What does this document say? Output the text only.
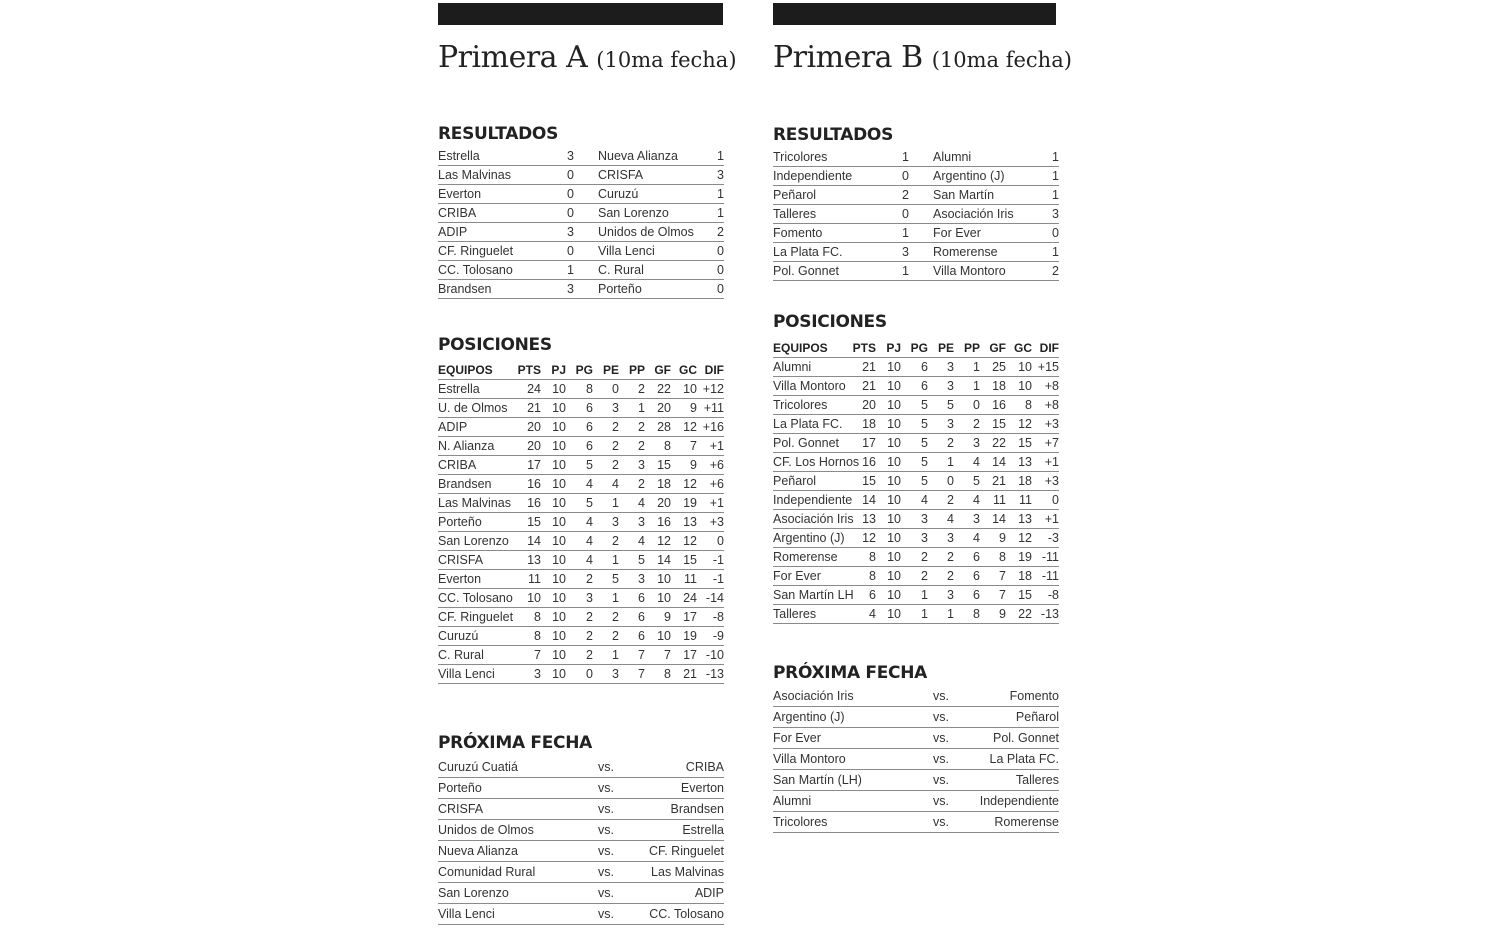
Primera A (10ma fecha)
RESULTADOS
Estrella	3 Nueva Alianza	1
Las Malvinas	0 CRISFA	3
Everton	0 Curuzú	1
CRIBA	0 San Lorenzo	1
ADIP	3 Unidos de Olmos	2
CF. Ringuelet	0 Villa Lenci	0
CC. Tolosano	1 C. Rural	0
Brandsen	3 Porteño	0
POSICIONES
EQUIPOS PTS PJ PG PE PP GF GC DIF
Estrella	24 10	8	0	2 22 10 +12
U. de Olmos	21 10	6	3	1 20	9 +11
ADIP	20 10	6	2	2 28 12 +16
N. Alianza	20 10	6	2	2	8	7	+1
CRIBA	17 10	5	2	3 15	9	+6
Brandsen	16 10	4	4	2 18 12	+6
Las Malvinas	16 10	5	1	4 20 19	+1
Porteño	15 10	4	3	3 16 13	+3
San Lorenzo	14 10	4	2	4 12 12	0
CRISFA	13 10	4	1	5 14 15	-1
Everton	11 10	2	5	3 10	11	-1
CC. Tolosano	10 10	3	1	6 10 24 -14
CF. Ringuelet	8 10	2	2	6	9 17	-8
Curuzú	8 10	2	2	6 10 19	-9
C. Rural	7 10	2	1	7	7 17 -10
Villa Lenci	3 10	0	3	7	8 21 -13
PRÓXIMA FECHA
Curuzú Cuatiá	vs.	CRIBA
Porteño	vs.	Everton
CRISFA	vs.	Brandsen
Unidos de Olmos	vs.	Estrella
Nueva Alianza	vs.	CF. Ringuelet
Comunidad Rural	vs.	Las Malvinas
San Lorenzo	vs.	ADIP
Villa Lenci	vs.	CC. Tolosano
Primera B (10ma fecha)
RESULTADOS
Tricolores	1 Alumni	1
Independiente	0 Argentino (J)	1
Peñarol	2 San Martín	1
Talleres	0 Asociación Iris	3
Fomento	1 For Ever	0
La Plata FC.	3 Romerense	1
Pol. Gonnet	1 Villa Montoro	2
POSICIONES
EQUIPOS PTS PJ PG PE PP GF GC DIF
Alumni	21 10	6	3	1 25 10 +15
Villa Montoro	21 10	6	3	1 18 10	+8
Tricolores	20 10	5	5	0 16	8	+8
La Plata FC.	18 10	5	3	2 15 12	+3
Pol. Gonnet	17 10	5	2	3 22 15	+7
CF. Los Hornos 16 10	5	1	4 14 13	+1
Peñarol	15 10	5	0	5 21 18	+3
Independiente 14 10	4	2	4	11	11	0
Asociación Iris 13 10	3	4	3 14 13	+1
Argentino (J)	12 10	3	3	4	9 12	-3
Romerense	8 10	2	2	6	8 19 -11
For Ever	8 10	2	2	6	7 18 -11
San Martín LH	6 10	1	3	6	7 15	-8
Talleres	4 10	1	1	8	9 22 -13
PRÓXIMA FECHA
Asociación Iris	vs.	Fomento
Argentino (J)	vs.	Peñarol
For Ever	vs.	Pol. Gonnet
Villa Montoro	vs.	La Plata FC.
San Martín (LH)	vs.	Talleres
Alumni	vs. Independiente
Tricolores	vs.	Romerense
